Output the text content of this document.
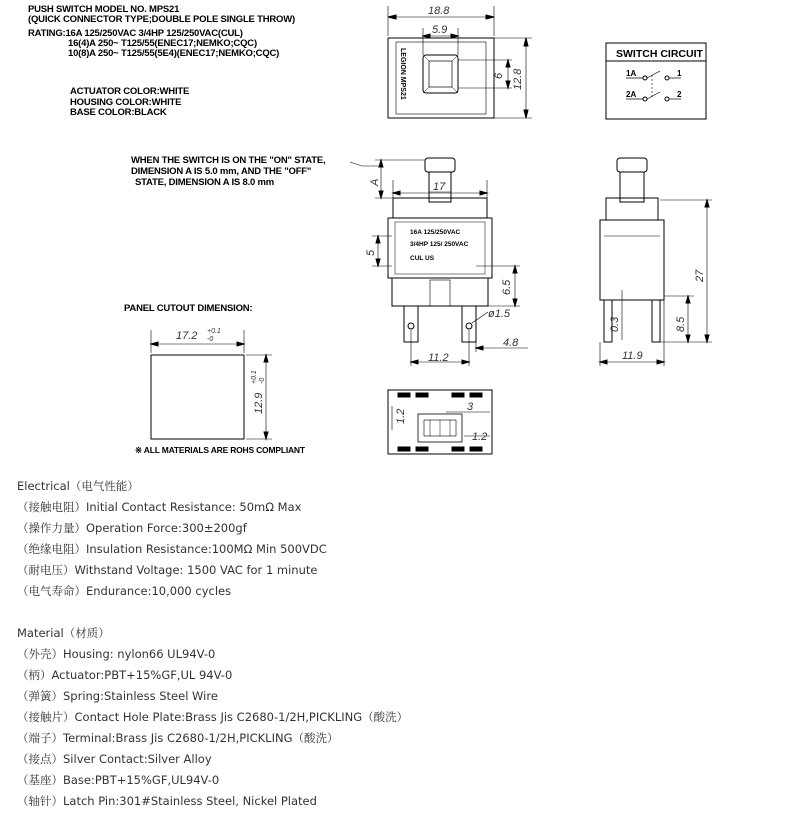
PUSH SWITCH MODEL NO. MPS21
(QUICK CONNECTOR TYPE;DOUBLE POLE SINGLE THROW)
RATING:16A 125/250VAC 3/4HP 125/250VAC(CUL)
16(4)A 250~ T125/55(ENEC17;NEMKO;CQC)
10(8)A 250~ T125/55(5E4)(ENEC17;NEMKO;CQC)
ACTUATOR COLOR:WHITE
HOUSING COLOR:WHITE
BASE COLOR:BLACK
WHEN THE SWITCH IS ON THE "ON" STATE,
DIMENSION A IS 5.0 mm, AND THE "OFF"
STATE, DIMENSION A IS 8.0 mm
PANEL CUTOUT DIMENSION:
※ ALL MATERIALS ARE ROHS COMPLIANT
18.8
5.9
6 12.8
LEGION MPS21	SWITCH CIRCUIT
1A	1
2A	2
A	17
5
6.5
ø1.5
11.2
4.8
16A 125/250VAC
3/4HP 125/ 250VAC
CUL US
27
8.5
0.3
11.9
1.2
3
1.2
17.2 +0.1
-0
12.9
+0.1 -0
Electrical（电气性能）
（接触电阻）Initial Contact Resistance: 50mΩ Max
（操作力量）Operation Force:300±200gf
（绝缘电阻）Insulation Resistance:100MΩ Min 500VDC
（耐电压）Withstand Voltage: 1500 VAC for 1 minute
（电气寿命）Endurance:10,000 cycles
Material（材质）
（外壳）Housing: nylon66 UL94V-0
（柄）Actuator:PBT+15%GF,UL 94V-0
（弹簧）Spring:Stainless Steel Wire
（接触片）Contact Hole Plate:Brass Jis C2680-1/2H,PICKLING（酸洗）
（端子）Terminal:Brass Jis C2680-1/2H,PICKLING（酸洗）
（接点）Silver Contact:Silver Alloy
（基座）Base:PBT+15%GF,UL94V-0
（轴针）Latch Pin:301#Stainless Steel, Nickel Plated
